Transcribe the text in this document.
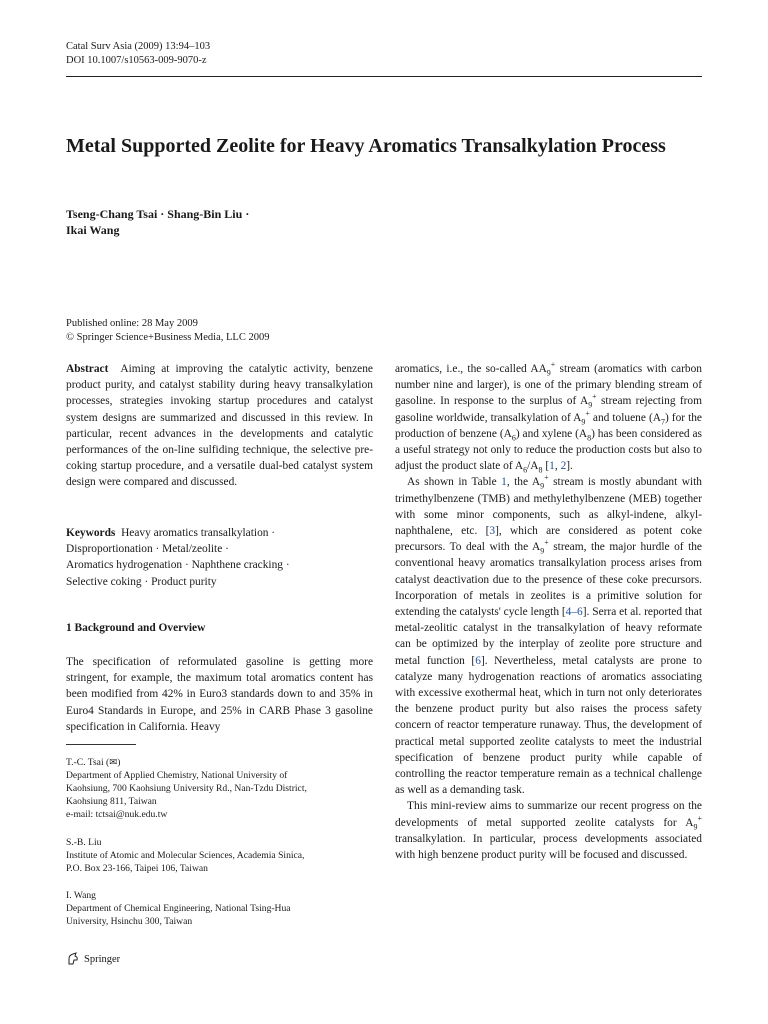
Catal Surv Asia (2009) 13:94–103
DOI 10.1007/s10563-009-9070-z
Metal Supported Zeolite for Heavy Aromatics Transalkylation Process
Tseng-Chang Tsai · Shang-Bin Liu ·
Ikai Wang
Published online: 28 May 2009
© Springer Science+Business Media, LLC 2009

Abstract Aiming at improving the catalytic activity, benzene product purity, and catalyst stability during heavy transalkylation processes, strategies invoking startup procedures and catalyst system designs are summarized and discussed in this review. In particular, recent advances in the developments and catalytic performances of the on-line sulfiding technique, the selective pre-coking startup procedure, and a versatile dual-bed catalyst system design were compared and discussed.

Keywords Heavy aromatics transalkylation ·
Disproportionation · Metal/zeolite ·
Aromatics hydrogenation · Naphthene cracking ·
Selective coking · Product purity
1 Background and Overview

The specification of reformulated gasoline is getting more stringent, for example, the maximum total aromatics content has been modified from 42% in Euro3 standards down to and 35% in Euro4 Standards in Europe, and 25% in CARB Phase 3 gasoline specification in California. Heavy

T.-C. Tsai (✉)
Department of Applied Chemistry, National University of
Kaohsiung, 700 Kaohsiung University Rd., Nan-Tzdu District,
Kaohsiung 811, Taiwan
e-mail: tctsai@nuk.edu.tw
S.-B. Liu
Institute of Atomic and Molecular Sciences, Academia Sinica,
P.O. Box 23-166, Taipei 106, Taiwan
I. Wang
Department of Chemical Engineering, National Tsing-Hua
University, Hsinchu 300, Taiwan
Springer

aromatics, i.e., the so-called $AA_9^+$ stream (aromatics with carbon number nine and larger), is one of the primary blending stream of gasoline. In response to the surplus of $A_9^+$ stream rejecting from gasoline worldwide, transalkylation of $A_9^+$ and toluene $(A_7)$ for the production of benzene $(A_6)$ and xylene $(A_8)$ has been considered as a useful strategy not only to reduce the production costs but also to adjust the product slate of $A_6/A_8$ [1, 2].

As shown in Table 1, the $A_9^+$ stream is mostly abundant with trimethylbenzene (TMB) and methylethylbenzene (MEB) together with some minor components, such as alkyl-indene, alkyl-naphthalene, etc. [3], which are considered as potent coke precursors. To deal with the $A_9^+$ stream, the major hurdle of the conventional heavy aromatics transalkylation process arises from catalyst deactivation due to the presence of these coke precursors. Incorporation of metals in zeolites is a primitive solution for extending the catalysts' cycle length [4–6]. Serra et al. reported that metal-zeolitic catalyst in the transalkylation of heavy reformate can be optimized by the interplay of zeolite pore structure and metal function [6]. Nevertheless, metal catalysts are prone to catalyze many hydrogenation reactions of aromatics associating with excessive exothermal heat, which in turn not only deteriorates the benzene product purity but also raises the process safety concern of reactor temperature runaway. Thus, the development of practical metal supported zeolite catalysts to meet the industrial specification of benzene product purity while capable of controlling the reactor temperature remain as a technical challenge as well as a demanding task.

This mini-review aims to summarize our recent progress on the developments of metal supported zeolite catalysts for $A_9^+$ transalkylation. In particular, process developments associated with high benzene product purity will be focused and discussed.
